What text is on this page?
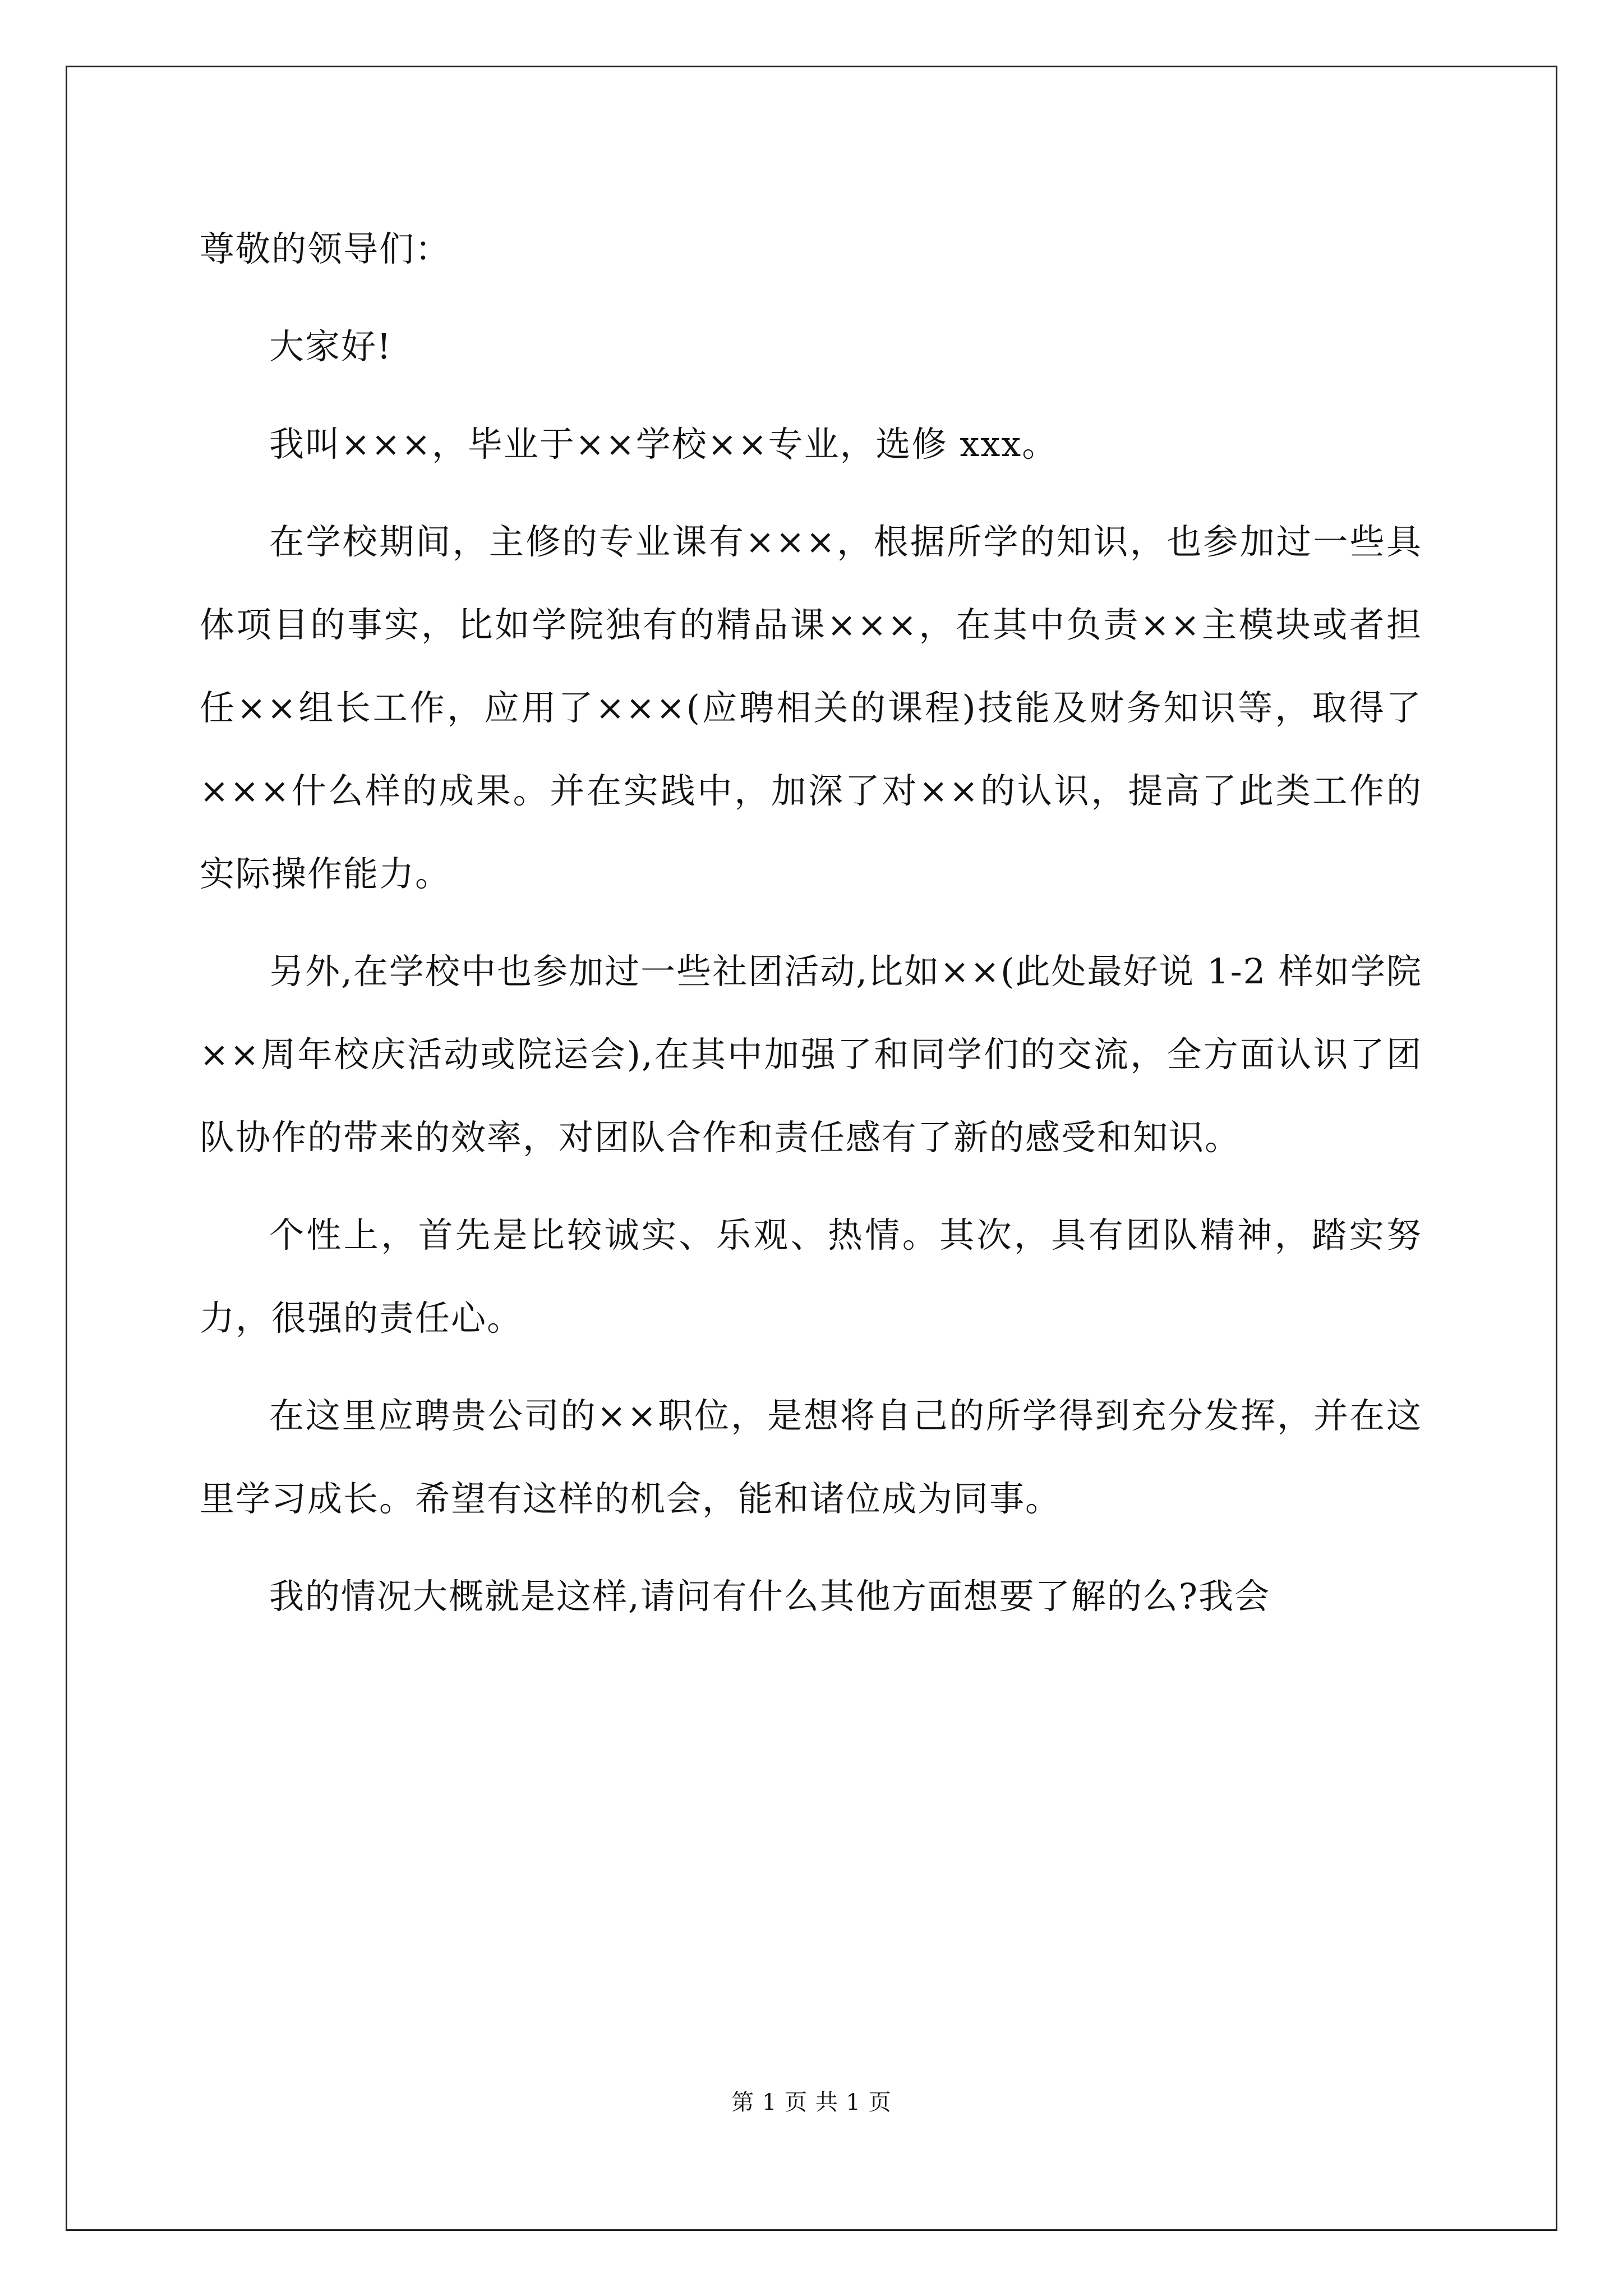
尊敬的领导们：

大家好!

我叫×××，毕业于××学校××专业，选修 xxx。

在学校期间，主修的专业课有×××，根据所学的知识，也参加过一些具体项目的事实，比如学院独有的精品课×××，在其中负责××主模块或者担任××组长工作，应用了×××(应聘相关的课程)技能及财务知识等，取得了×××什么样的成果。并在实践中，加深了对××的认识，提高了此类工作的实际操作能力。

另外,在学校中也参加过一些社团活动,比如××(此处最好说 1-2 样如学院××周年校庆活动或院运会),在其中加强了和同学们的交流，全方面认识了团队协作的带来的效率，对团队合作和责任感有了新的感受和知识。

个性上，首先是比较诚实、乐观、热情。其次，具有团队精神，踏实努力，很强的责任心。

在这里应聘贵公司的××职位，是想将自己的所学得到充分发挥，并在这里学习成长。希望有这样的机会，能和诸位成为同事。

我的情况大概就是这样,请问有什么其他方面想要了解的么?我会

第 1 页 共 1 页
